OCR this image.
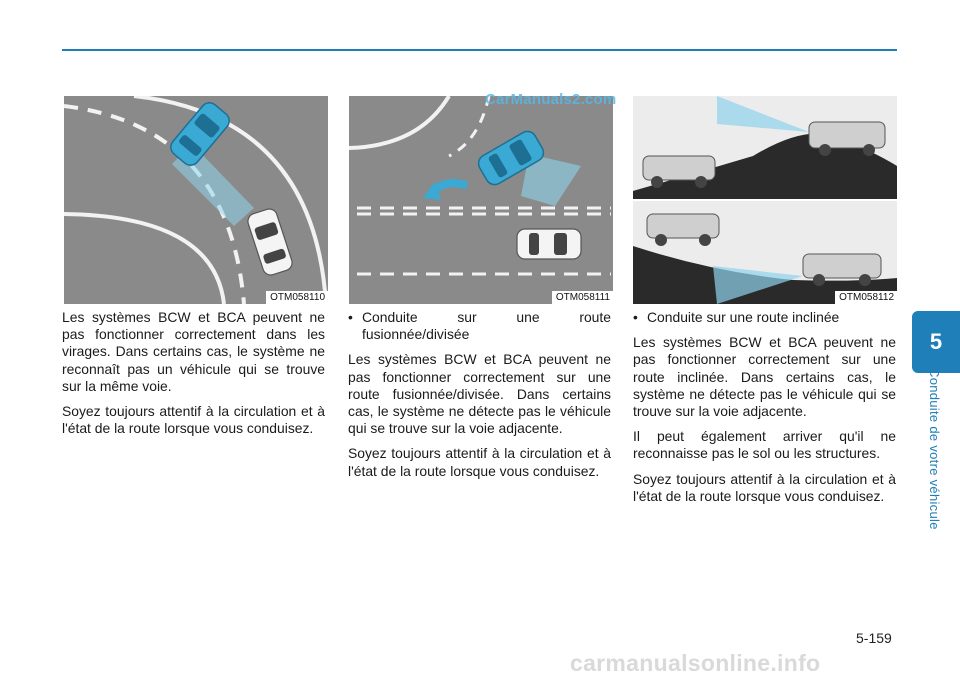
OTM058110	OTM058111	OTM058112
CarManuals2.com

Les systèmes BCW et BCA peuvent ne pas fonctionner correctement dans les virages. Dans certains cas, le système ne reconnaît pas un véhicule qui se trouve sur la même voie.

Soyez toujours attentif à la circulation et à l'état de la route lorsque vous conduisez.

• Conduite sur une route fusionnée/divisée

Les systèmes BCW et BCA peuvent ne pas fonctionner correctement sur une route fusionnée/divisée. Dans certains cas, le système ne détecte pas le véhicule qui se trouve sur la voie adjacente.

Soyez toujours attentif à la circulation et à l'état de la route lorsque vous conduisez.

• Conduite sur une route inclinée

Les systèmes BCW et BCA peuvent ne pas fonctionner correctement sur une route inclinée. Dans certains cas, le système ne détecte pas le véhicule qui se trouve sur la voie adjacente.

Il peut également arriver qu'il ne reconnaisse pas le sol ou les structures.

Soyez toujours attentif à la circulation et à l'état de la route lorsque vous conduisez.

5
Conduite de votre véhicule
5-159
carmanualsonline.info
